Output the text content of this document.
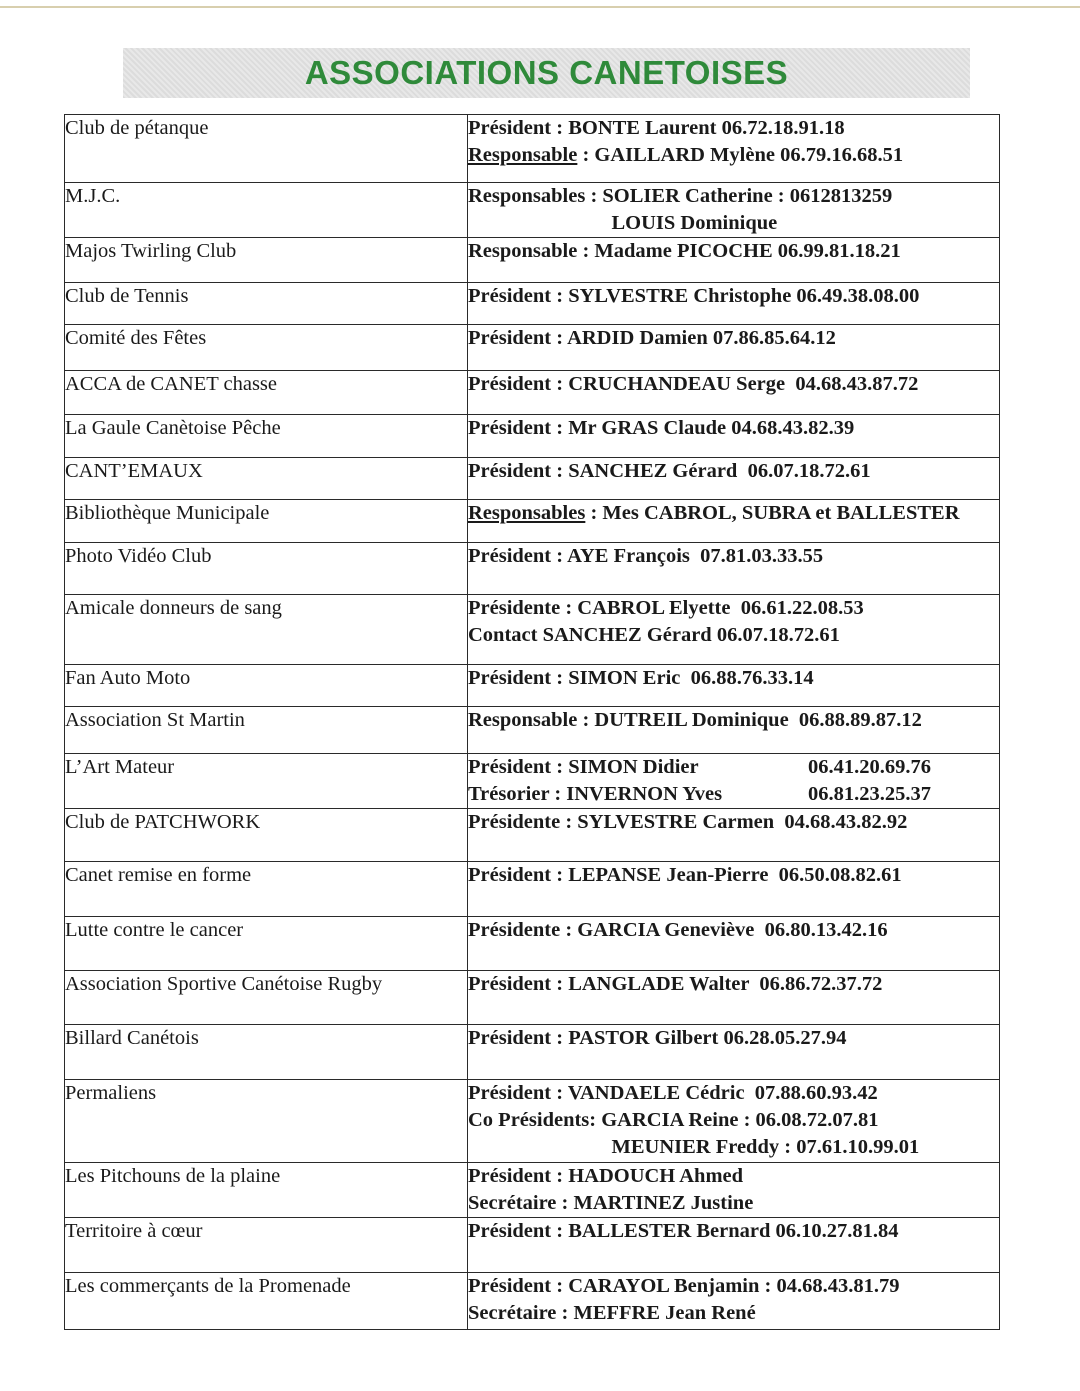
ASSOCIATIONS CANETOISES
Club de pétanque	Président : BONTE Laurent 06.72.18.91.18
Responsable : GAILLARD Mylène 06.79.16.68.51

M.J.C.	Responsables : SOLIER Catherine : 0612813259
LOUIS Dominique

Majos Twirling Club	Responsable : Madame PICOCHE 06.99.81.18.21

Club de Tennis	Président : SYLVESTRE Christophe 06.49.38.08.00

Comité des Fêtes	Président : ARDID Damien 07.86.85.64.12

ACCA de CANET chasse	Président : CRUCHANDEAU Serge  04.68.43.87.72

La Gaule Canètoise Pêche	Président : Mr GRAS Claude 04.68.43.82.39

CANT’EMAUX	Président : SANCHEZ Gérard  06.07.18.72.61

Bibliothèque Municipale	Responsables : Mes CABROL, SUBRA et BALLESTER

Photo Vidéo Club	Président : AYE François  07.81.03.33.55

Amicale donneurs de sang	Présidente : CABROL Elyette  06.61.22.08.53
Contact SANCHEZ Gérard 06.07.18.72.61

Fan Auto Moto	Président : SIMON Eric  06.88.76.33.14

Association St Martin	Responsable : DUTREIL Dominique  06.88.89.87.12

L’Art Mateur	Président : SIMON Didier 06.41.20.69.76
Trésorier : INVERNON Yves 06.81.23.25.37

Club de PATCHWORK	Présidente : SYLVESTRE Carmen  04.68.43.82.92

Canet remise en forme	Président : LEPANSE Jean-Pierre  06.50.08.82.61

Lutte contre le cancer	Présidente : GARCIA Geneviève  06.80.13.42.16

Association Sportive Canétoise Rugby	Président : LANGLADE Walter  06.86.72.37.72

Billard Canétois	Président : PASTOR Gilbert 06.28.05.27.94

Permaliens	Président : VANDAELE Cédric  07.88.60.93.42
Co Présidents: GARCIA Reine : 06.08.72.07.81
MEUNIER Freddy : 07.61.10.99.01

Les Pitchouns de la plaine	Président : HADOUCH Ahmed
Secrétaire : MARTINEZ Justine

Territoire à cœur	Président : BALLESTER Bernard 06.10.27.81.84

Les commerçants de la Promenade	Président : CARAYOL Benjamin : 04.68.43.81.79
Secrétaire : MEFFRE Jean René
